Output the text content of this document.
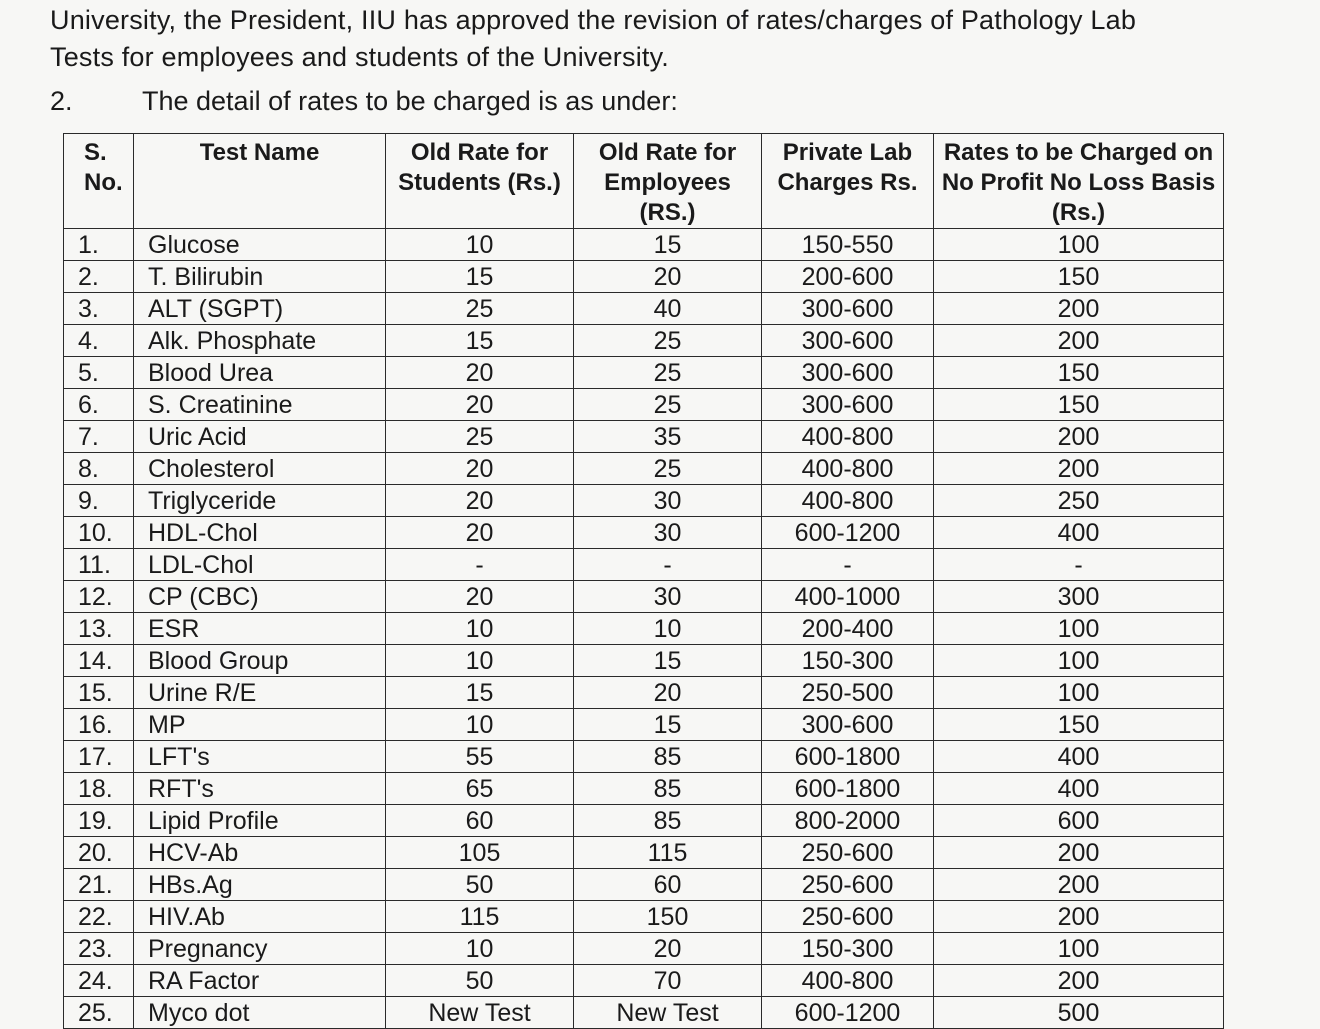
University, the President, IIU has approved the revision of rates/charges of Pathology Lab
Tests for employees and students of the University.
2.	The detail of rates to be charged is as under:
S. No.	Test Name	Old Rate for Students (Rs.)	Old Rate for Employees (RS.)	Private Lab Charges Rs.	Rates to be Charged on No Profit No Loss Basis (Rs.)
1.	Glucose	10	15	150-550	100
2.	T. Bilirubin	15	20	200-600	150
3.	ALT (SGPT)	25	40	300-600	200
4.	Alk. Phosphate	15	25	300-600	200
5.	Blood Urea	20	25	300-600	150
6.	S. Creatinine	20	25	300-600	150
7.	Uric Acid	25	35	400-800	200
8.	Cholesterol	20	25	400-800	200
9.	Triglyceride	20	30	400-800	250
10.	HDL-Chol	20	30	600-1200	400
11.	LDL-Chol	-	-	-	-
12.	CP (CBC)	20	30	400-1000	300
13.	ESR	10	10	200-400	100
14.	Blood Group	10	15	150-300	100
15.	Urine R/E	15	20	250-500	100
16.	MP	10	15	300-600	150
17.	LFT's	55	85	600-1800	400
18.	RFT's	65	85	600-1800	400
19.	Lipid Profile	60	85	800-2000	600
20.	HCV-Ab	105	115	250-600	200
21.	HBs.Ag	50	60	250-600	200
22.	HIV.Ab	115	150	250-600	200
23.	Pregnancy	10	20	150-300	100
24.	RA Factor	50	70	400-800	200
25.	Myco dot	New Test	New Test	600-1200	500
